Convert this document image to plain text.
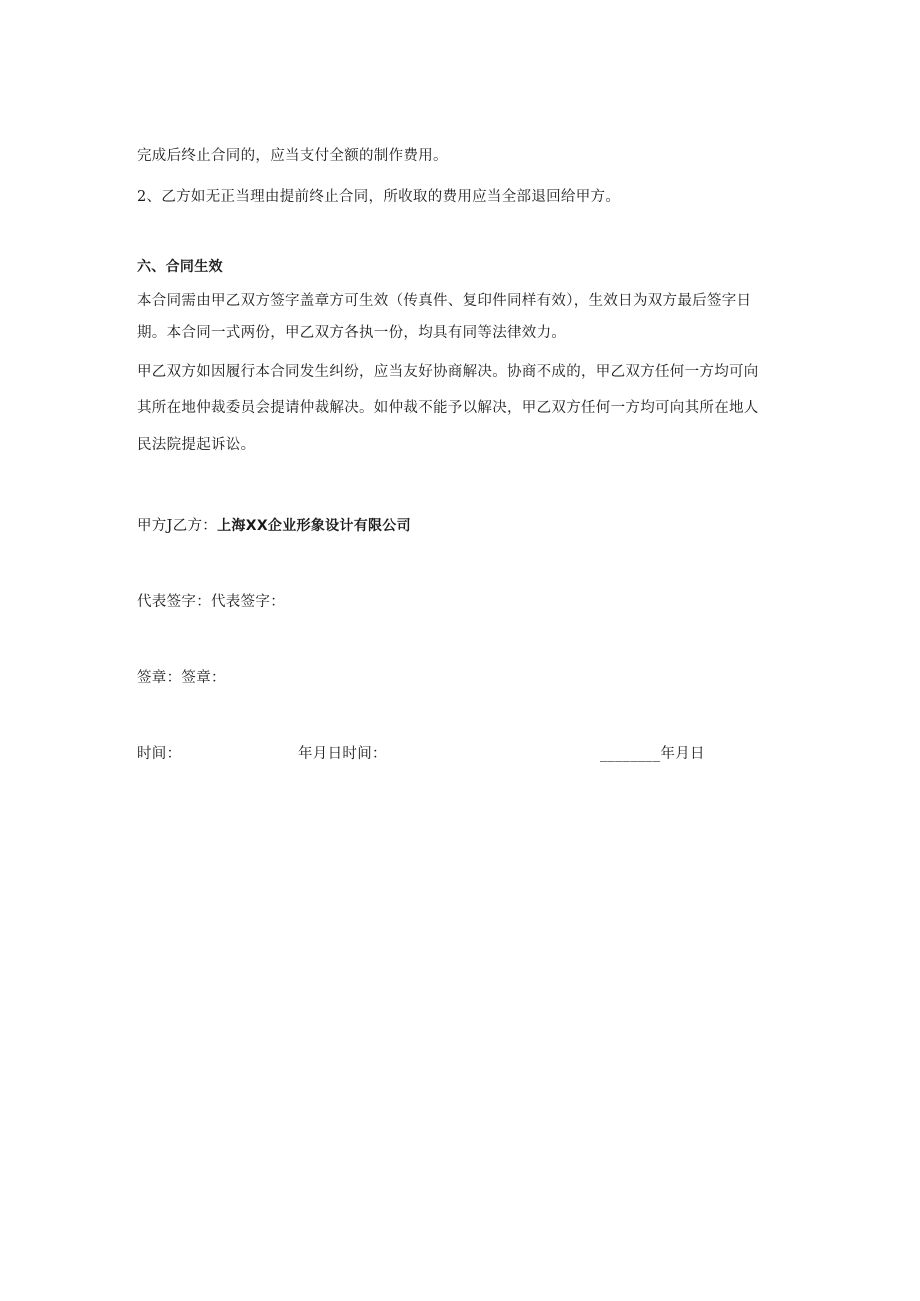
完成后终止合同的，应当支付全额的制作费用。
2、乙方如无正当理由提前终止合同，所收取的费用应当全部退回给甲方。
六、合同生效
本合同需由甲乙双方签字盖章方可生效（传真件、复印件同样有效），生效日为双方最后签字日
期。本合同一式两份，甲乙双方各执一份，均具有同等法律效力。
甲乙双方如因履行本合同发生纠纷，应当友好协商解决。协商不成的，甲乙双方任何一方均可向
其所在地仲裁委员会提请仲裁解决。如仲裁不能予以解决，甲乙双方任何一方均可向其所在地人
民法院提起诉讼。
甲方J乙方：上海XX企业形象设计有限公司
代表签字：代表签字：
签章：签章：
时间：	年月日时间：	________年月日
